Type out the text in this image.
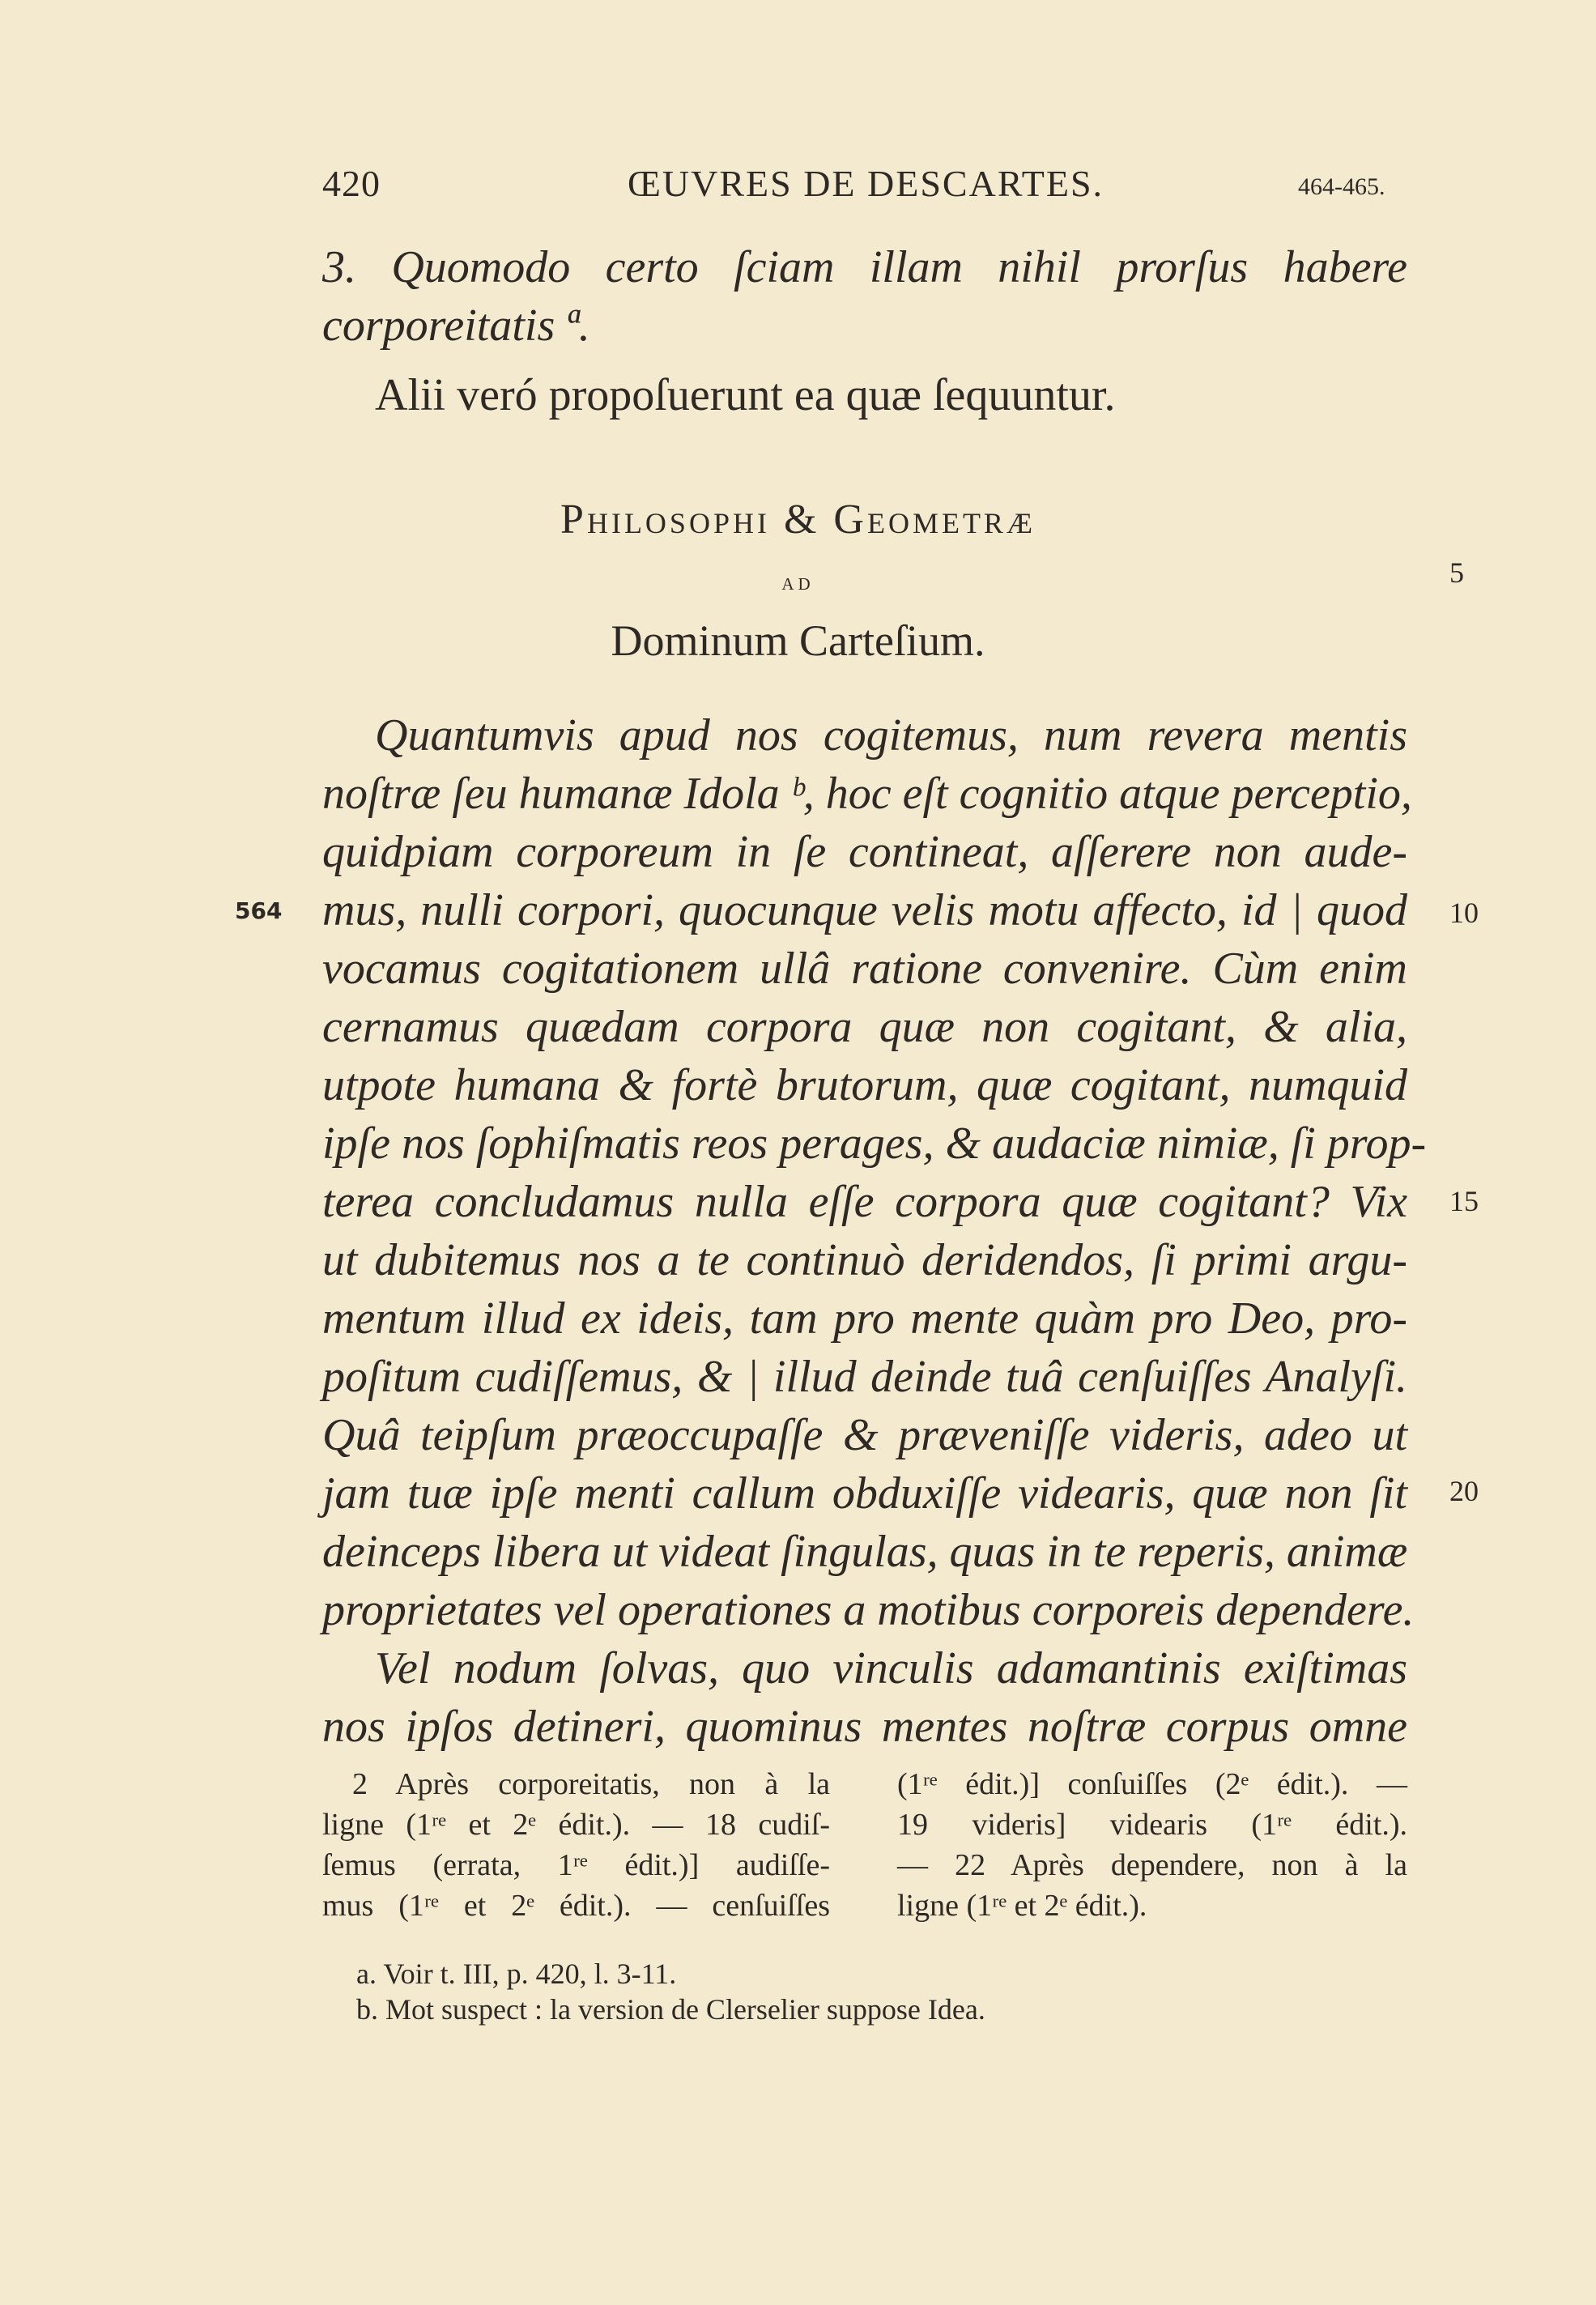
420	ŒUVRES DE DESCARTES.	464-465.
3. Quomodo certo ſciam illam nihil prorſus habere
corporeitatis ª.
Alii veró propoſuerunt ea quæ ſequuntur.
Philosophi & Geometræ
ad
Dominum Carteſium.
5
Quantumvis apud nos cogitemus, num revera mentis
noſtræ ſeu humanæ Idola ᵇ, hoc eſt cognitio atque perceptio,
quidpiam corporeum in ſe contineat, aſſerere non aude-
mus, nulli corpori, quocunque velis motu affecto, id | quod
564	10
vocamus cogitationem ullâ ratione convenire. Cùm enim
cernamus quædam corpora quæ non cogitant, & alia,
utpote humana & fortè brutorum, quæ cogitant, numquid
ipſe nos ſophiſmatis reos perages, & audaciæ nimiæ, ſi prop-
terea concludamus nulla eſſe corpora quæ cogitant? Vix 15
ut dubitemus nos a te continuò deridendos, ſi primi argu-
mentum illud ex ideis, tam pro mente quàm pro Deo, pro-
poſitum cudiſſemus, & | illud deinde tuâ cenſuiſſes Analyſi.
Quâ teipſum præoccupaſſe & præveniſſe videris, adeo ut
jam tuæ ipſe menti callum obduxiſſe videaris, quæ non ſit 20
deinceps libera ut videat ſingulas, quas in te reperis, animæ
proprietates vel operationes a motibus corporeis dependere.
Vel nodum ſolvas, quo vinculis adamantinis exiſtimas
nos ipſos detineri, quominus mentes noſtræ corpus omne
2 Après corporeitatis, non à la
ligne (1ʳᵉ et 2ᵉ édit.). — 18 cudiſ-
ſemus (errata, 1ʳᵉ édit.)] audiſſe-
mus (1ʳᵉ et 2ᵉ édit.). — cenſuiſſes
(1ʳᵉ édit.)] conſuiſſes (2ᵉ édit.). —
19 videris] videaris (1ʳᵉ édit.).
— 22 Après dependere, non à la
ligne (1ʳᵉ et 2ᵉ édit.).
a. Voir t. III, p. 420, l. 3-11.
b. Mot suspect : la version de Clerselier suppose Idea.
